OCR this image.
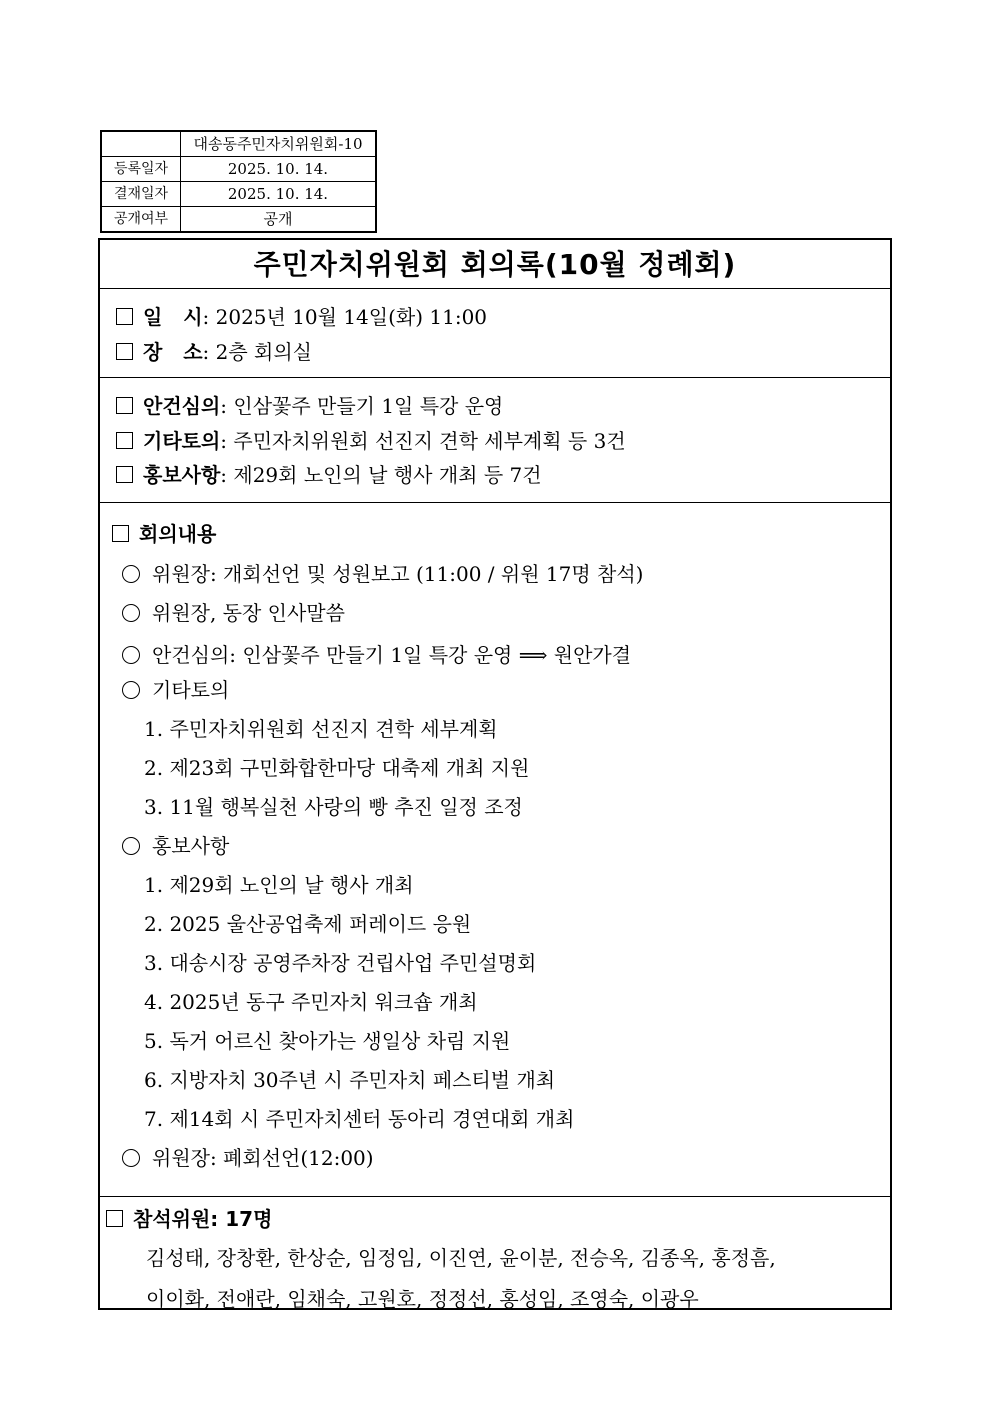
	대송동주민자치위원회-10
등록일자	2025. 10. 14.
결재일자	2025. 10. 14.
공개여부	공개
주민자치위원회 회의록(10월 정례회)
일   시: 2025년 10월 14일(화) 11:00
장   소: 2층 회의실
안건심의: 인삼꽃주 만들기 1일 특강 운영
기타토의: 주민자치위원회 선진지 견학 세부계획 등 3건
홍보사항: 제29회 노인의 날 행사 개최 등 7건
회의내용
위원장: 개회선언 및 성원보고 (11:00 / 위원 17명 참석)
위원장, 동장 인사말씀
안건심의: 인삼꽃주 만들기 1일 특강 운영 ⟹ 원안가결
기타토의
1. 주민자치위원회 선진지 견학 세부계획
2. 제23회 구민화합한마당 대축제 개최 지원
3. 11월 행복실천 사랑의 빵 추진 일정 조정
홍보사항
1. 제29회 노인의 날 행사 개최
2. 2025 울산공업축제 퍼레이드 응원
3. 대송시장 공영주차장 건립사업 주민설명회
4. 2025년 동구 주민자치 워크숍 개최
5. 독거 어르신 찾아가는 생일상 차림 지원
6. 지방자치 30주년 시 주민자치 페스티벌 개최
7. 제14회 시 주민자치센터 동아리 경연대회 개최
위원장: 폐회선언(12:00)
참석위원: 17명
김성태, 장창환, 한상순, 임정임, 이진연, 윤이분, 전승옥, 김종옥, 홍정흠,
이이화, 전애란, 임채숙, 고원호, 정정선, 홍성임, 조영숙, 이광우
